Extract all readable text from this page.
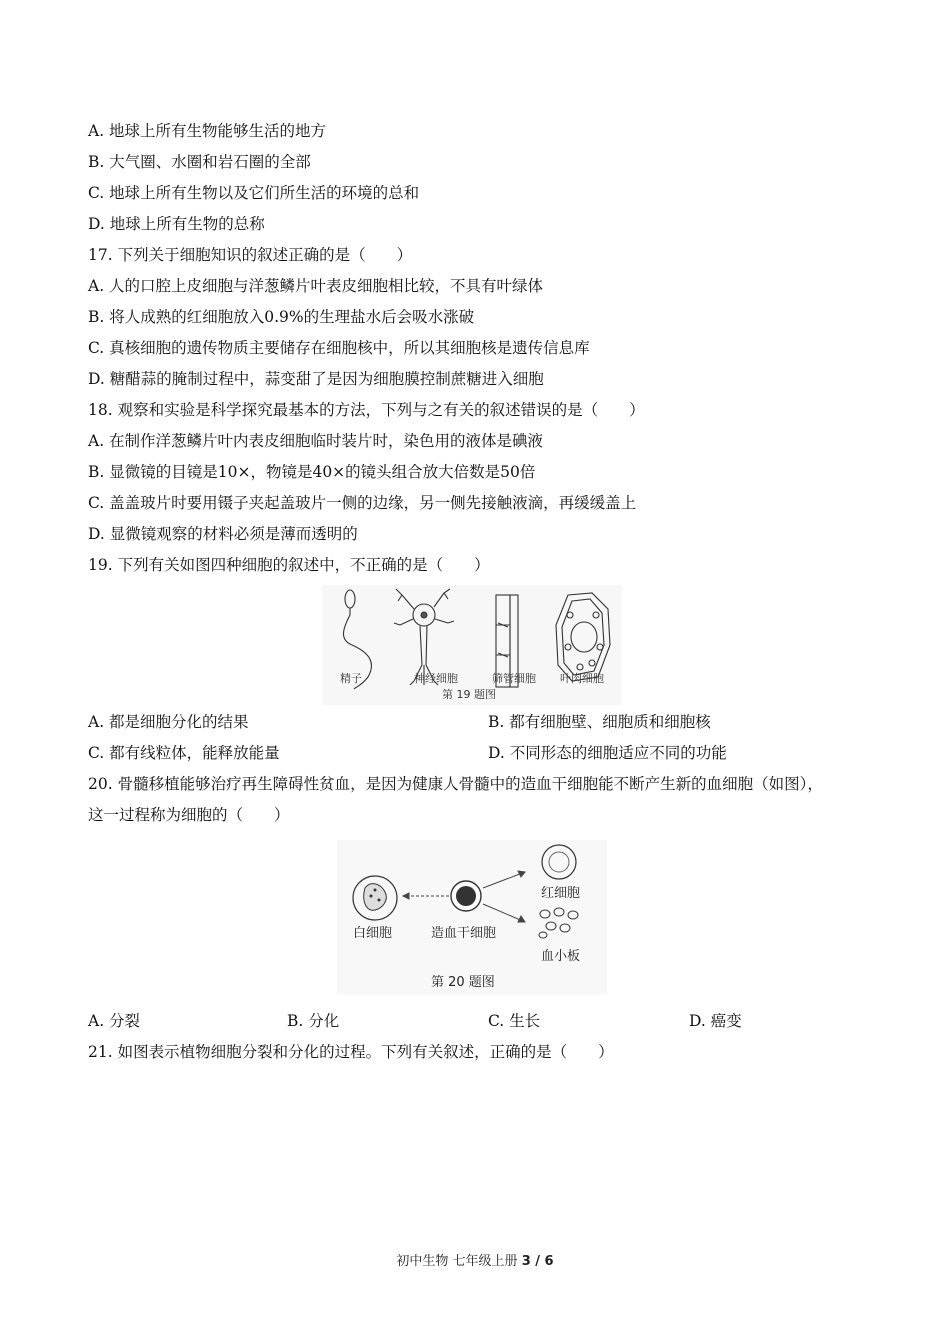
A. 地球上所有生物能够生活的地方
B. 大气圈、水圈和岩石圈的全部
C. 地球上所有生物以及它们所生活的环境的总和
D. 地球上所有生物的总称
17. 下列关于细胞知识的叙述正确的是（　　）
A. 人的口腔上皮细胞与洋葱鳞片叶表皮细胞相比较，不具有叶绿体
B. 将人成熟的红细胞放入0.9%的生理盐水后会吸水涨破
C. 真核细胞的遗传物质主要储存在细胞核中，所以其细胞核是遗传信息库
D. 糖醋蒜的腌制过程中，蒜变甜了是因为细胞膜控制蔗糖进入细胞
18. 观察和实验是科学探究最基本的方法，下列与之有关的叙述错误的是（　　）
A. 在制作洋葱鳞片叶内表皮细胞临时装片时，染色用的液体是碘液
B. 显微镜的目镜是10×，物镜是40×的镜头组合放大倍数是50倍
C. 盖盖玻片时要用镊子夹起盖玻片一侧的边缘，另一侧先接触液滴，再缓缓盖上
D. 显微镜观察的材料必须是薄而透明的
19. 下列有关如图四种细胞的叙述中，不正确的是（　　）
精子	神经细胞	筛管细胞 叶肉细胞
第 19 题图
A. 都是细胞分化的结果	B. 都有细胞壁、细胞质和细胞核
C. 都有线粒体，能释放能量	D. 不同形态的细胞适应不同的功能
20. 骨髓移植能够治疗再生障碍性贫血，是因为健康人骨髓中的造血干细胞能不断产生新的血细胞（如图），
这一过程称为细胞的（　　）
白细胞	造血干细胞
红细胞
血小板
第 20 题图
A. 分裂	B. 分化	C. 生长	D. 癌变
21. 如图表示植物细胞分裂和分化的过程。下列有关叙述，正确的是（　　）
初中生物 七年级上册 3 / 6
